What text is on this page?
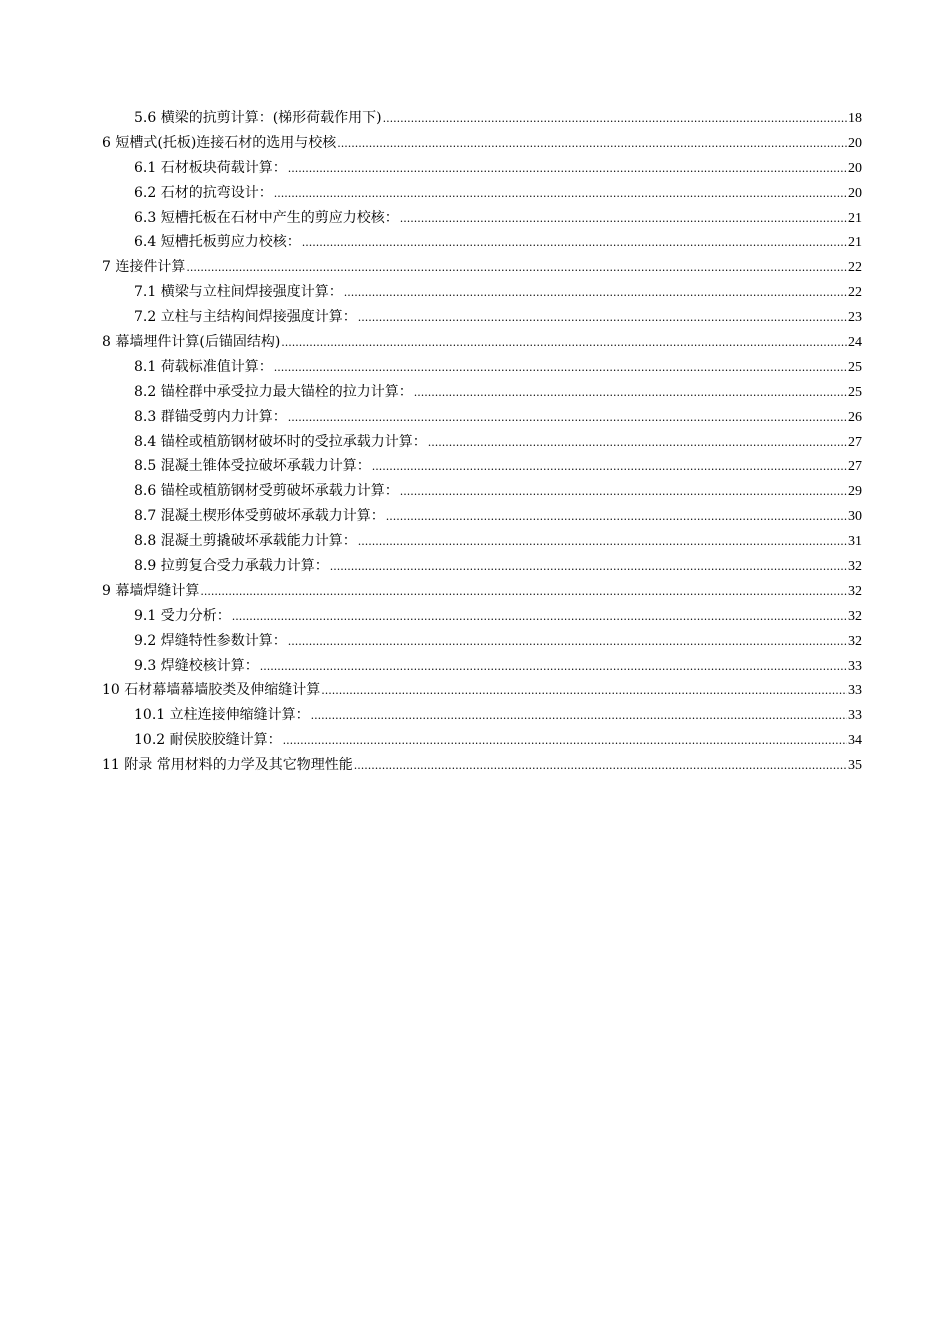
5.6 横梁的抗剪计算：(梯形荷载作用下) .....	18
6 短槽式(托板)连接石材的选用与校核 .....	20
6.1 石材板块荷载计算： .....	20
6.2 石材的抗弯设计： .....	20
6.3 短槽托板在石材中产生的剪应力校核： .....	21
6.4 短槽托板剪应力校核： .....	21
7 连接件计算 .....	22
7.1 横梁与立柱间焊接强度计算： .....	22
7.2 立柱与主结构间焊接强度计算： .....	23
8 幕墙埋件计算(后锚固结构) .....	24
8.1 荷载标准值计算： .....	25
8.2 锚栓群中承受拉力最大锚栓的拉力计算： .....	25
8.3 群锚受剪内力计算： .....	26
8.4 锚栓或植筋钢材破坏时的受拉承载力计算： .....	27
8.5 混凝土锥体受拉破坏承载力计算： .....	27
8.6 锚栓或植筋钢材受剪破坏承载力计算： .....	29
8.7 混凝土楔形体受剪破坏承载力计算： .....	30
8.8 混凝土剪撬破坏承载能力计算： .....	31
8.9 拉剪复合受力承载力计算： .....	32
9 幕墙焊缝计算 .....	32
9.1 受力分析： .....	32
9.2 焊缝特性参数计算： .....	32
9.3 焊缝校核计算： .....	33
10 石材幕墙幕墙胶类及伸缩缝计算 .....	33
10.1 立柱连接伸缩缝计算： .....	33
10.2 耐侯胶胶缝计算： .....	34
11 附录 常用材料的力学及其它物理性能 .....	35
